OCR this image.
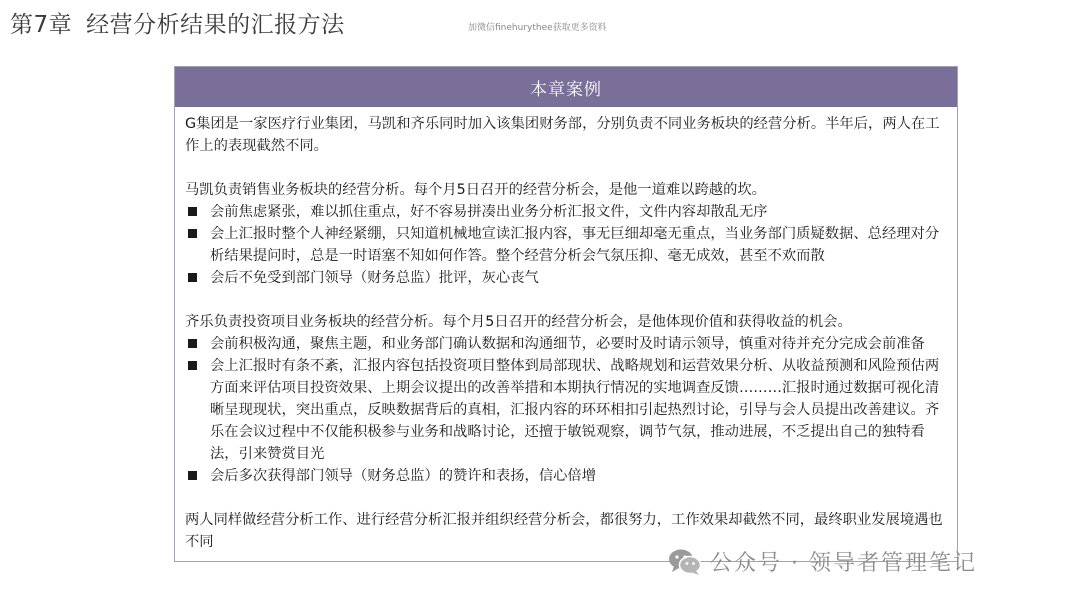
第7章 经营分析结果的汇报方法	加微信finehurythee获取更多资料
本章案例

G集团是一家医疗行业集团，马凯和齐乐同时加入该集团财务部，分别负责不同业务板块的经营分析。半年后，两人在工作上的表现截然不同。

马凯负责销售业务板块的经营分析。每个月5日召开的经营分析会，是他一道难以跨越的坎。

会前焦虑紧张，难以抓住重点，好不容易拼凑出业务分析汇报文件，文件内容却散乱无序
会上汇报时整个人神经紧绷，只知道机械地宣读汇报内容，事无巨细却毫无重点，当业务部门质疑数据、总经理对分析结果提问时，总是一时语塞不知如何作答。整个经营分析会气氛压抑、毫无成效，甚至不欢而散
会后不免受到部门领导（财务总监）批评，灰心丧气

齐乐负责投资项目业务板块的经营分析。每个月5日召开的经营分析会，是他体现价值和获得收益的机会。

会前积极沟通，聚焦主题，和业务部门确认数据和沟通细节，必要时及时请示领导，慎重对待并充分完成会前准备
会上汇报时有条不紊，汇报内容包括投资项目整体到局部现状、战略规划和运营效果分析、从收益预测和风险预估两方面来评估项目投资效果、上期会议提出的改善举措和本期执行情况的实地调查反馈………汇报时通过数据可视化清晰呈现现状，突出重点，反映数据背后的真相，汇报内容的环环相扣引起热烈讨论，引导与会人员提出改善建议。齐乐在会议过程中不仅能积极参与业务和战略讨论，还擅于敏锐观察，调节气氛，推动进展，不乏提出自己的独特看法，引来赞赏目光
会后多次获得部门领导（财务总监）的赞许和表扬，信心倍增

两人同样做经营分析工作、进行经营分析汇报并组织经营分析会，都很努力，工作效果却截然不同，最终职业发展境遇也不同

公众号 · 领导者管理笔记
